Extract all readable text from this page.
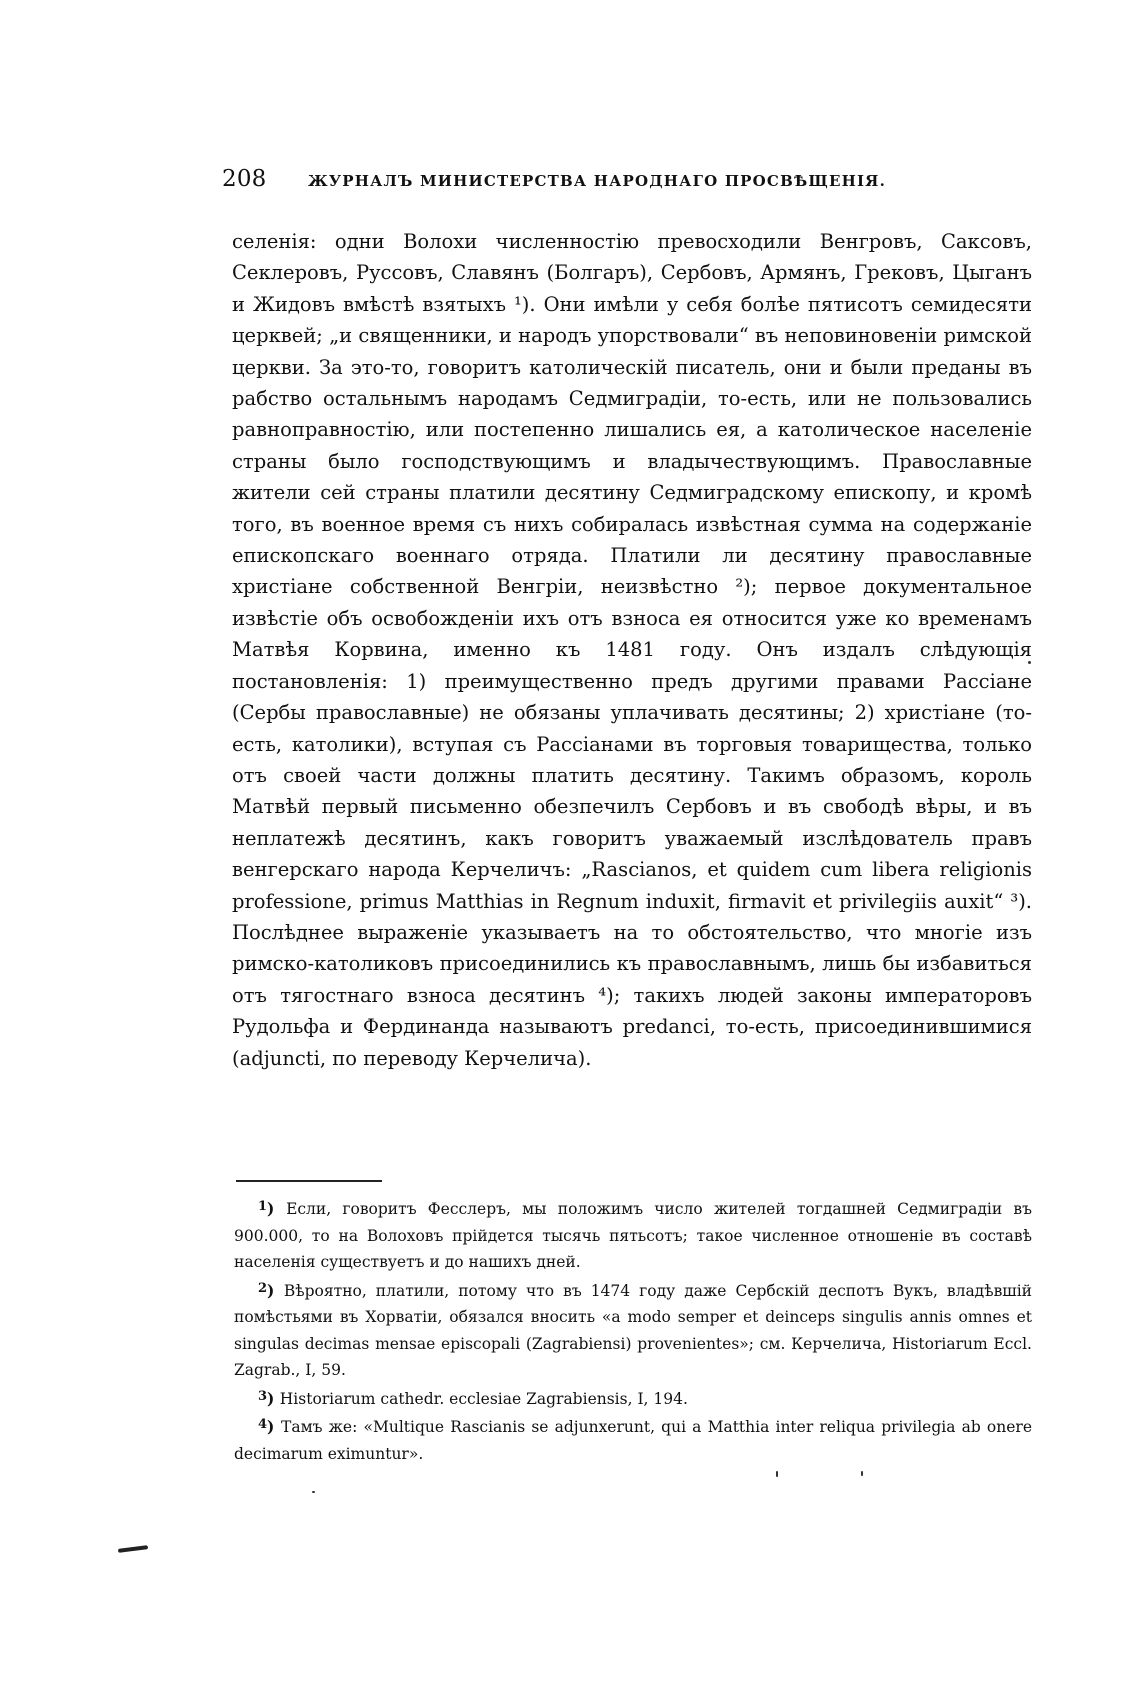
208	ЖУРНАЛЪ МИНИСТЕРСТВА НАРОДНАГО ПРОСВѢЩЕНІЯ.

селенія: одни Волохи численностію превосходили Венгровъ, Саксовъ, Секлеровъ, Руссовъ, Славянъ (Болгаръ), Сербовъ, Армянъ, Грековъ, Цыганъ и Жидовъ вмѣстѣ взятыхъ ¹). Они имѣли у себя болѣе пятисотъ семидесяти церквей; „и священники, и народъ упорствовали“ въ неповиновеніи римской церкви. За это-то, говоритъ католическій писатель, они и были преданы въ рабство остальнымъ народамъ Седмиградіи, то-есть, или не пользовались равноправностію, или постепенно лишались ея, а католическое населеніе страны было господствующимъ и владычествующимъ. Православные жители сей страны платили десятину Седмиградскому епископу, и кромѣ того, въ военное время съ нихъ собиралась извѣстная сумма на содержаніе епископскаго военнаго отряда. Платили ли десятину православные христіане собственной Венгріи, неизвѣстно ²); первое документальное извѣстіе объ освобожденіи ихъ отъ взноса ея относится уже ко временамъ Матвѣя Корвина, именно къ 1481 году. Онъ издалъ слѣдующія постановленія: 1) преимущественно предъ другими правами Рассіане (Сербы православные) не обязаны уплачивать десятины; 2) христіане (то-есть, католики), вступая съ Рассіанами въ торговыя товарищества, только отъ своей части должны платить десятину. Такимъ образомъ, король Матвѣй первый письменно обезпечилъ Сербовъ и въ свободѣ вѣры, и въ неплатежѣ десятинъ, какъ говоритъ уважаемый изслѣдователь правъ венгерскаго народа Керчеличъ: „Rascianos, et quidem cum libera religionis professione, primus Matthias in Regnum induxit, firmavit et privilegiis auxit“ ³). Послѣднее выраженіе указываетъ на то обстоятельство, что многіе изъ римско-католиковъ присоединились къ православнымъ, лишь бы избавиться отъ тягостнаго взноса десятинъ ⁴); такихъ людей законы императоровъ Рудольфа и Фердинанда называютъ predanci, то-есть, присоединившимися (adjuncti, по переводу Керчелича).

$^1$) Если, говоритъ Фесслеръ, мы положимъ число жителей тогдашней Седмиградіи въ 900.000, то на Волоховъ прійдется тысячь пятьсотъ; такое численное отношеніе въ составѣ населенія существуетъ и до нашихъ дней.

$^2$) Вѣроятно, платили, потому что въ 1474 году даже Сербскій деспотъ Вукъ, владѣвшій помѣстьями въ Хорватіи, обязался вносить «a modo semper et deinceps singulis annis omnes et singulas decimas mensae episcopali (Zagrabiensi) provenientes»; см. Керчелича, Historiarum Eccl. Zagrab., I, 59.

$^3$) Historiarum cathedr. ecclesiae Zagrabiensis, I, 194.

$^4$) Тамъ же: «Multique Rascianis se adjunxerunt, qui a Matthia inter reliqua privilegia ab onere decimarum eximuntur».
